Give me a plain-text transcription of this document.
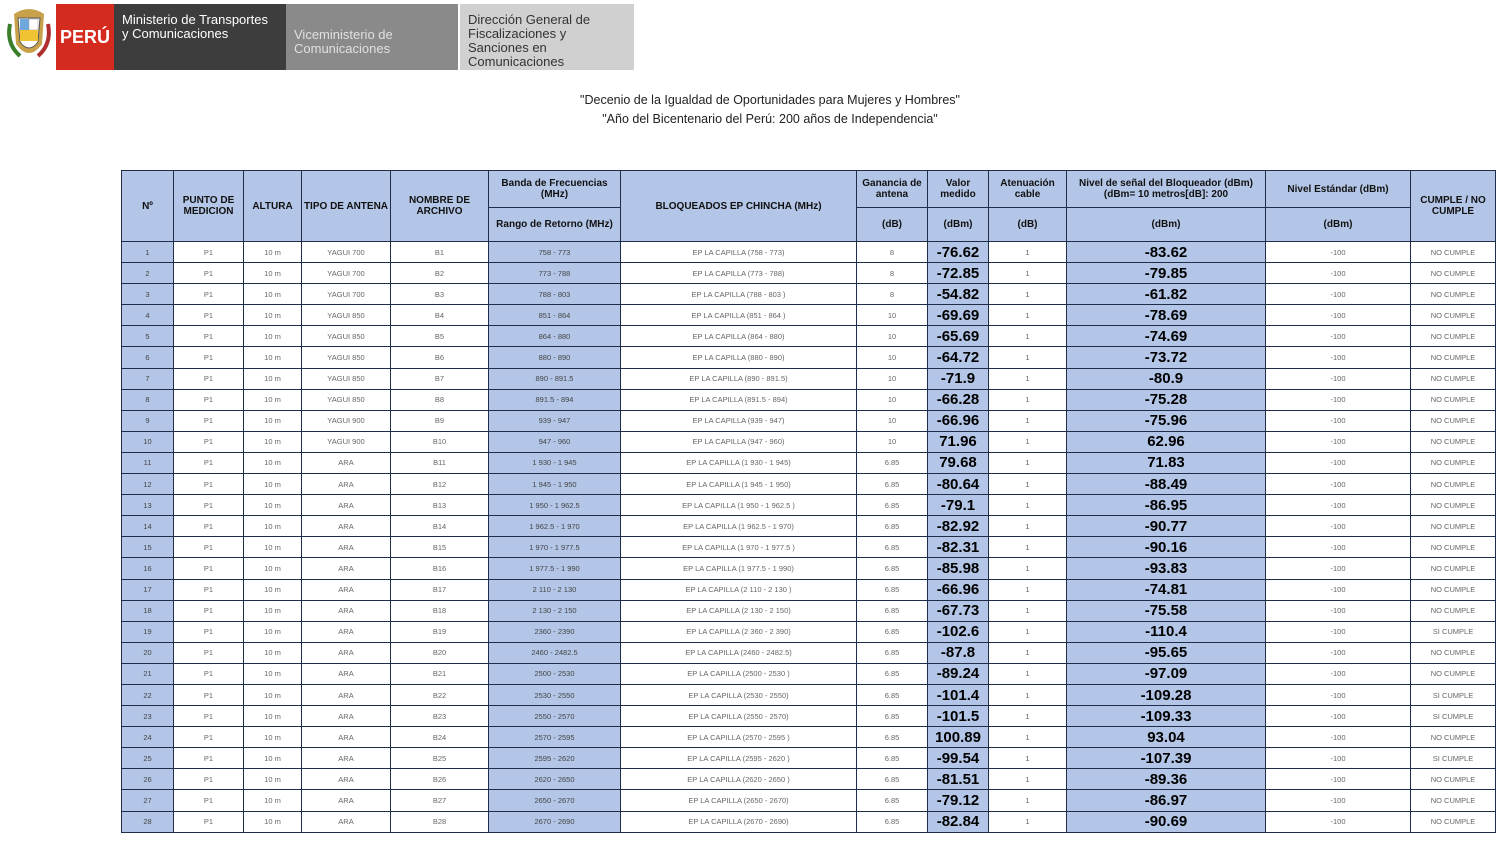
PERÚ
Ministerio de Transportes y Comunicaciones	Viceministerio de Comunicaciones
Dirección General de Fiscalizaciones y Sanciones en Comunicaciones
"Decenio de la Igualdad de Oportunidades para Mujeres y Hombres"
"Año del Bicentenario del Perú: 200 años de Independencia"
Nº	PUNTO DE MEDICION	ALTURA	TIPO DE ANTENA	NOMBRE DE ARCHIVO	Banda de Frecuencias (MHz)	BLOQUEADOS EP CHINCHA (MHz)	Ganancia de antena	Valor medido	Atenuación cable	Nivel de señal del Bloqueador (dBm)(dBm= 10 metros[dB]: 200	Nivel Estándar (dBm)	CUMPLE / NO CUMPLE
					Rango de Retorno (MHz)		(dB)	(dBm)	(dB)	(dBm)	(dBm)	
1	P1	10 m	YAGUI 700	B1	758 - 773	EP LA CAPILLA (758 - 773)	8	-76.62	1	-83.62	-100	NO CUMPLE
2	P1	10 m	YAGUI 700	B2	773 - 788	EP LA CAPILLA (773 - 788)	8	-72.85	1	-79.85	-100	NO CUMPLE
3	P1	10 m	YAGUI 700	B3	788 - 803	EP LA CAPILLA (788 - 803 )	8	-54.82	1	-61.82	-100	NO CUMPLE
4	P1	10 m	YAGUI 850	B4	851 - 864	EP LA CAPILLA (851 - 864 )	10	-69.69	1	-78.69	-100	NO CUMPLE
5	P1	10 m	YAGUI 850	B5	864 - 880	EP LA CAPILLA (864 - 880)	10	-65.69	1	-74.69	-100	NO CUMPLE
6	P1	10 m	YAGUI 850	B6	880 - 890	EP LA CAPILLA (880 - 890)	10	-64.72	1	-73.72	-100	NO CUMPLE
7	P1	10 m	YAGUI 850	B7	890 - 891.5	EP LA CAPILLA (890 - 891.5)	10	-71.9	1	-80.9	-100	NO CUMPLE
8	P1	10 m	YAGUI 850	B8	891.5 - 894	EP LA CAPILLA (891.5 - 894)	10	-66.28	1	-75.28	-100	NO CUMPLE
9	P1	10 m	YAGUI 900	B9	939 - 947	EP LA CAPILLA (939 - 947)	10	-66.96	1	-75.96	-100	NO CUMPLE
10	P1	10 m	YAGUI 900	B10	947 - 960	EP LA CAPILLA (947 - 960)	10	71.96	1	62.96	-100	NO CUMPLE
11	P1	10 m	ARA	B11	1 930 - 1 945	EP LA CAPILLA (1 930 - 1 945)	6.85	79.68	1	71.83	-100	NO CUMPLE
12	P1	10 m	ARA	B12	1 945 - 1 950	EP LA CAPILLA (1 945 - 1 950)	6.85	-80.64	1	-88.49	-100	NO CUMPLE
13	P1	10 m	ARA	B13	1 950 - 1 962.5	EP LA CAPILLA (1 950 - 1 962.5 )	6.85	-79.1	1	-86.95	-100	NO CUMPLE
14	P1	10 m	ARA	B14	1 962.5 - 1 970	EP LA CAPILLA (1 962.5 - 1 970)	6.85	-82.92	1	-90.77	-100	NO CUMPLE
15	P1	10 m	ARA	B15	1 970 - 1 977.5	EP LA CAPILLA (1 970 - 1 977.5 )	6.85	-82.31	1	-90.16	-100	NO CUMPLE
16	P1	10 m	ARA	B16	1 977.5 - 1 990	EP LA CAPILLA (1 977.5 - 1 990)	6.85	-85.98	1	-93.83	-100	NO CUMPLE
17	P1	10 m	ARA	B17	2 110 - 2 130	EP LA CAPILLA (2 110 - 2 130 )	6.85	-66.96	1	-74.81	-100	NO CUMPLE
18	P1	10 m	ARA	B18	2 130 - 2 150	EP LA CAPILLA (2 130 - 2 150)	6.85	-67.73	1	-75.58	-100	NO CUMPLE
19	P1	10 m	ARA	B19	2360 - 2390	EP LA CAPILLA (2 360 - 2 390)	6.85	-102.6	1	-110.4	-100	SI CUMPLE
20	P1	10 m	ARA	B20	2460 - 2482.5	EP LA CAPILLA (2460 - 2482.5)	6.85	-87.8	1	-95.65	-100	NO CUMPLE
21	P1	10 m	ARA	B21	2500 - 2530	EP LA CAPILLA (2500 - 2530 )	6.85	-89.24	1	-97.09	-100	NO CUMPLE
22	P1	10 m	ARA	B22	2530 - 2550	EP LA CAPILLA (2530 - 2550)	6.85	-101.4	1	-109.28	-100	SI CUMPLE
23	P1	10 m	ARA	B23	2550 - 2570	EP LA CAPILLA (2550 - 2570)	6.85	-101.5	1	-109.33	-100	SI CUMPLE
24	P1	10 m	ARA	B24	2570 - 2595	EP LA CAPILLA (2570 - 2595 )	6.85	100.89	1	93.04	-100	NO CUMPLE
25	P1	10 m	ARA	B25	2595 - 2620	EP LA CAPILLA (2595 - 2620 )	6.85	-99.54	1	-107.39	-100	SI CUMPLE
26	P1	10 m	ARA	B26	2620 - 2650	EP LA CAPILLA (2620 - 2650 )	6.85	-81.51	1	-89.36	-100	NO CUMPLE
27	P1	10 m	ARA	B27	2650 - 2670	EP LA CAPILLA (2650 - 2670)	6.85	-79.12	1	-86.97	-100	NO CUMPLE
28	P1	10 m	ARA	B28	2670 - 2690	EP LA CAPILLA (2670 - 2690)	6.85	-82.84	1	-90.69	-100	NO CUMPLE
